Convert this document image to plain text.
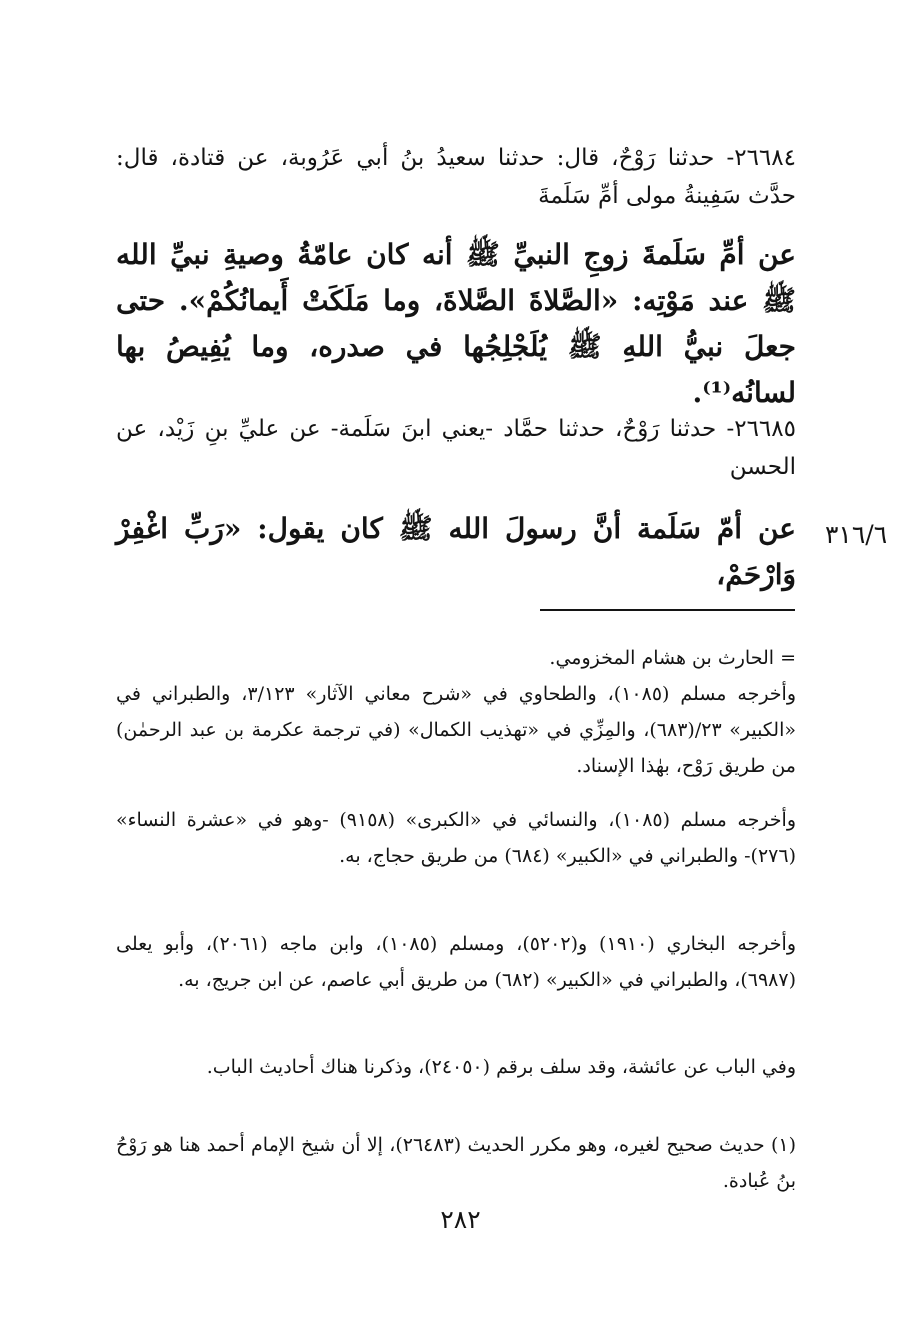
٢٦٦٨٤- حدثنا رَوْحٌ، قال: حدثنا سعيدُ بنُ أبي عَرُوبة، عن قتادة، قال: حدَّث سَفِينةُ مولى أمِّ سَلَمةَ

عن أمِّ سَلَمةَ زوجِ النبيِّ ﷺ أنه كان عامّةُ وصيةِ نبيِّ الله ﷺ عند مَوْتِه: «الصَّلاةَ الصَّلاةَ، وما مَلَكَتْ أَيمانُكُمْ». حتى جعلَ نبيُّ اللهِ ﷺ يُلَجْلِجُها في صدره، وما يُفِيصُ بها لسانُه⁽¹⁾.

٢٦٦٨٥- حدثنا رَوْحٌ، حدثنا حمَّاد -يعني ابنَ سَلَمة- عن عليِّ بنِ زَيْد، عن الحسن

عن أمّ سَلَمة أنَّ رسولَ الله ﷺ كان يقول: «رَبِّ اغْفِرْ وَارْحَمْ،

٣١٦/٦

= الحارث بن هشام المخزومي.

وأخرجه مسلم (١٠٨٥)، والطحاوي في «شرح معاني الآثار» ٣/١٢٣، والطبراني في «الكبير» ٢٣/(٦٨٣)، والمِزِّي في «تهذيب الكمال» (في ترجمة عكرمة بن عبد الرحمٰن) من طريق رَوْح، بهٰذا الإسناد.

وأخرجه مسلم (١٠٨٥)، والنسائي في «الكبرى» (٩١٥٨) -وهو في «عشرة النساء» (٢٧٦)- والطبراني في «الكبير» (٦٨٤) من طريق حجاج، به.

وأخرجه البخاري (١٩١٠) و(٥٢٠٢)، ومسلم (١٠٨٥)، وابن ماجه (٢٠٦١)، وأبو يعلى (٦٩٨٧)، والطبراني في «الكبير» (٦٨٢) من طريق أبي عاصم، عن ابن جريج، به.

وفي الباب عن عائشة، وقد سلف برقم (٢٤٠٥٠)، وذكرنا هناك أحاديث الباب.

(١) حديث صحيح لغيره، وهو مكرر الحديث (٢٦٤٨٣)، إلا أن شيخ الإمام أحمد هنا هو رَوْحُ بنُ عُبادة.

٢٨٢
